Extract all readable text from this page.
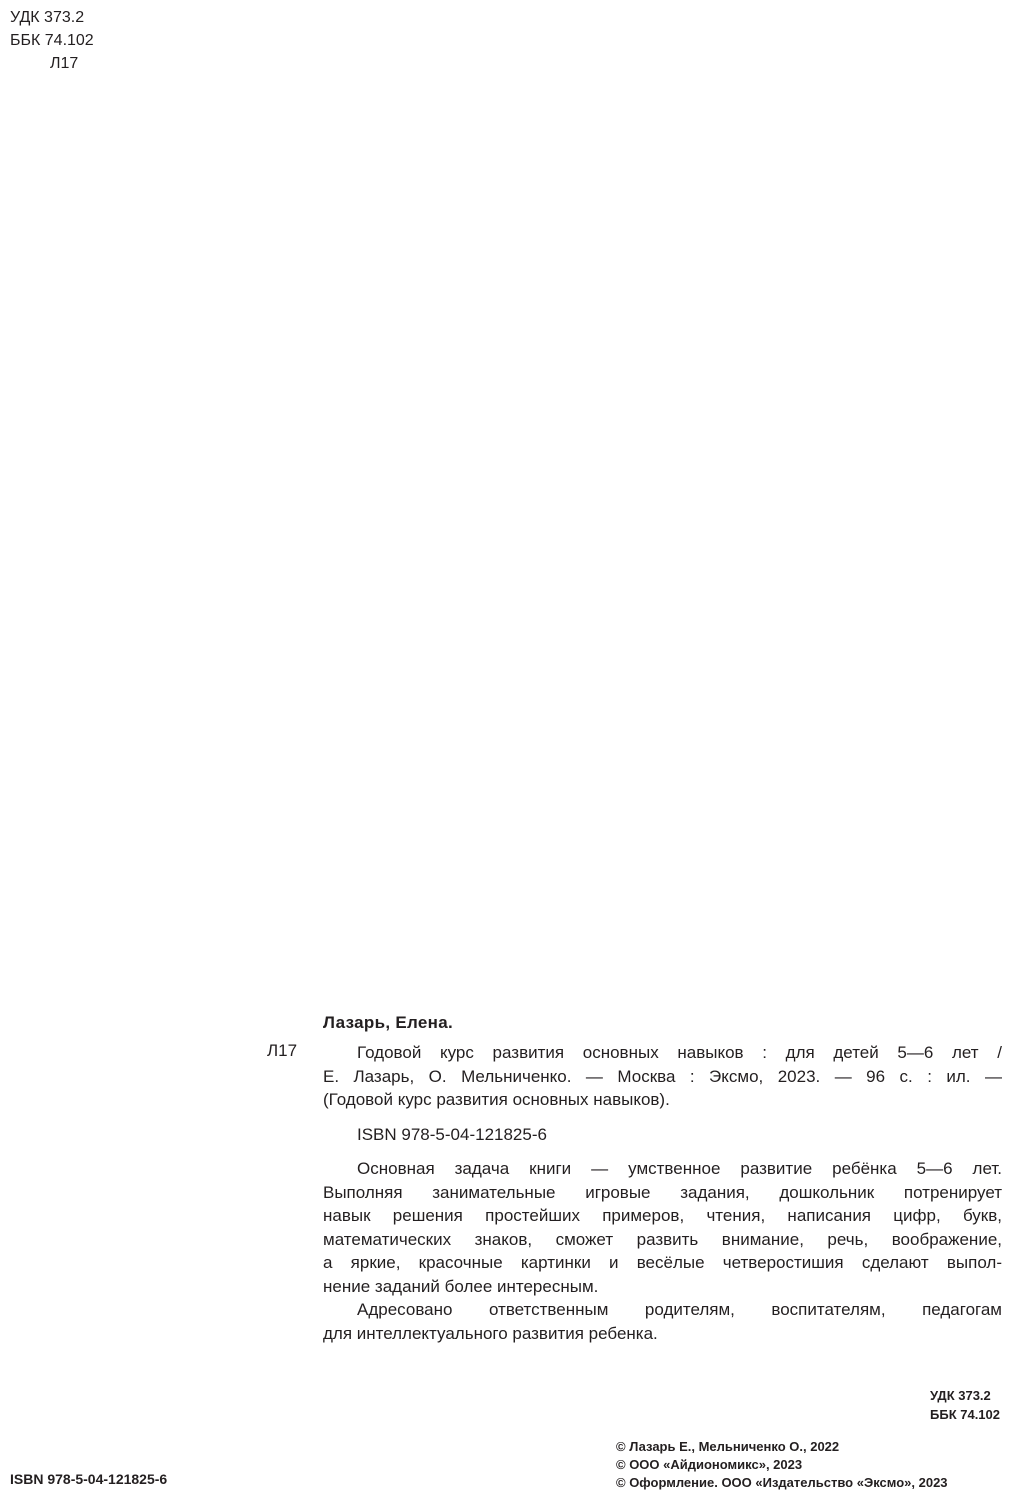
УДК 373.2
ББК 74.102
Л17
Лазарь, Елена.
Л17	Годовой курс развития основных навыков : для детей 5—6 лет /
Е. Лазарь, О. Мельниченко. — Москва : Эксмо, 2023. — 96 с. : ил. —
(Годовой курс развития основных навыков).
ISBN 978-5-04-121825-6
Основная задача книги — умственное развитие ребёнка 5—6 лет.
Выполняя занимательные игровые задания, дошкольник потренирует
навык решения простейших примеров, чтения, написания цифр, букв,
математических знаков, сможет развить внимание, речь, воображение,
а яркие, красочные картинки и весёлые четверостишия сделают выпол-
нение заданий более интересным.
Адресовано ответственным родителям, воспитателям, педагогам
для интеллектуального развития ребенка.
УДК 373.2
ББК 74.102
© Лазарь Е., Мельниченко О., 2022
© ООО «Айдиономикс», 2023
© Оформление. ООО «Издательство «Эксмо», 2023
ISBN 978-5-04-121825-6
